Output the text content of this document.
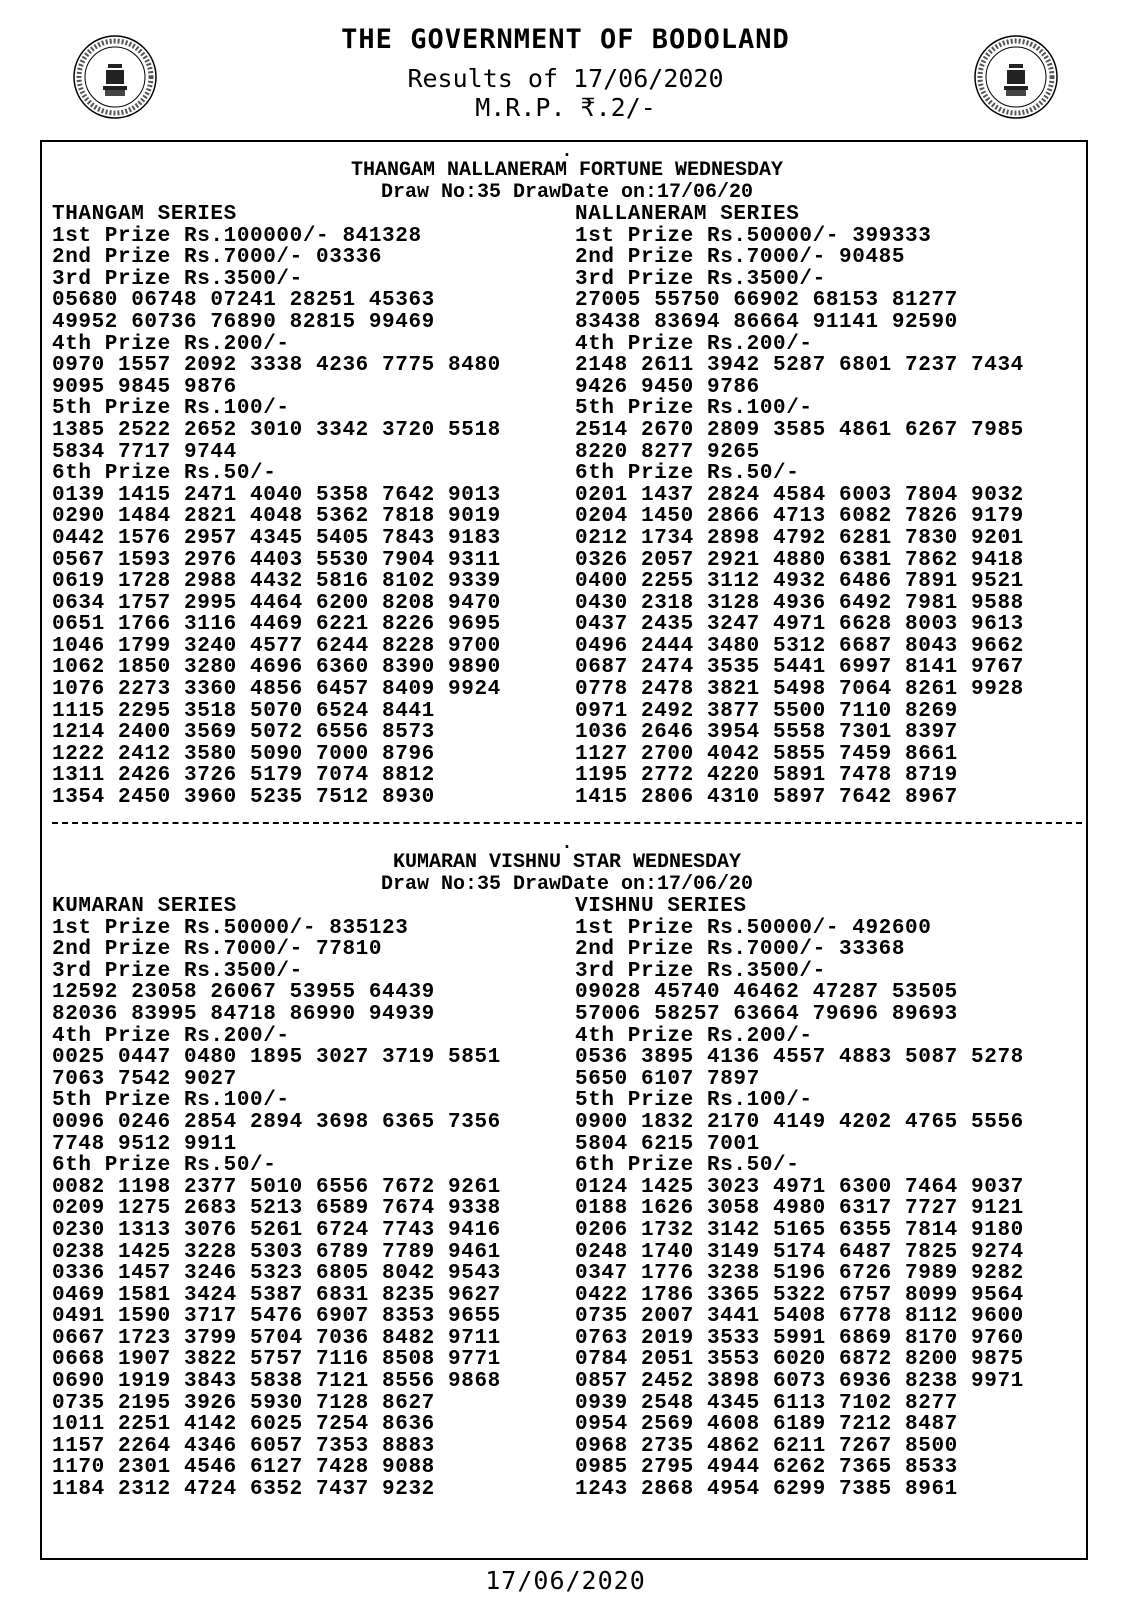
THE GOVERNMENT OF BODOLAND
Results of 17/06/2020
M.R.P. ₹.2/-
.
THANGAM NALLANERAM FORTUNE WEDNESDAY
Draw No:35 DrawDate on:17/06/20
THANGAM SERIES
1st Prize Rs.100000/- 841328
2nd Prize Rs.7000/- 03336
3rd Prize Rs.3500/-
05680 06748 07241 28251 45363
49952 60736 76890 82815 99469
4th Prize Rs.200/-
0970 1557 2092 3338 4236 7775 8480
9095 9845 9876
5th Prize Rs.100/-
1385 2522 2652 3010 3342 3720 5518
5834 7717 9744
6th Prize Rs.50/-
0139 1415 2471 4040 5358 7642 9013
0290 1484 2821 4048 5362 7818 9019
0442 1576 2957 4345 5405 7843 9183
0567 1593 2976 4403 5530 7904 9311
0619 1728 2988 4432 5816 8102 9339
0634 1757 2995 4464 6200 8208 9470
0651 1766 3116 4469 6221 8226 9695
1046 1799 3240 4577 6244 8228 9700
1062 1850 3280 4696 6360 8390 9890
1076 2273 3360 4856 6457 8409 9924
1115 2295 3518 5070 6524 8441
1214 2400 3569 5072 6556 8573
1222 2412 3580 5090 7000 8796
1311 2426 3726 5179 7074 8812
1354 2450 3960 5235 7512 8930
NALLANERAM SERIES
1st Prize Rs.50000/- 399333
2nd Prize Rs.7000/- 90485
3rd Prize Rs.3500/-
27005 55750 66902 68153 81277
83438 83694 86664 91141 92590
4th Prize Rs.200/-
2148 2611 3942 5287 6801 7237 7434
9426 9450 9786
5th Prize Rs.100/-
2514 2670 2809 3585 4861 6267 7985
8220 8277 9265
6th Prize Rs.50/-
0201 1437 2824 4584 6003 7804 9032
0204 1450 2866 4713 6082 7826 9179
0212 1734 2898 4792 6281 7830 9201
0326 2057 2921 4880 6381 7862 9418
0400 2255 3112 4932 6486 7891 9521
0430 2318 3128 4936 6492 7981 9588
0437 2435 3247 4971 6628 8003 9613
0496 2444 3480 5312 6687 8043 9662
0687 2474 3535 5441 6997 8141 9767
0778 2478 3821 5498 7064 8261 9928
0971 2492 3877 5500 7110 8269
1036 2646 3954 5558 7301 8397
1127 2700 4042 5855 7459 8661
1195 2772 4220 5891 7478 8719
1415 2806 4310 5897 7642 8967
.
KUMARAN VISHNU STAR WEDNESDAY
Draw No:35 DrawDate on:17/06/20
KUMARAN SERIES
1st Prize Rs.50000/- 835123
2nd Prize Rs.7000/- 77810
3rd Prize Rs.3500/-
12592 23058 26067 53955 64439
82036 83995 84718 86990 94939
4th Prize Rs.200/-
0025 0447 0480 1895 3027 3719 5851
7063 7542 9027
5th Prize Rs.100/-
0096 0246 2854 2894 3698 6365 7356
7748 9512 9911
6th Prize Rs.50/-
0082 1198 2377 5010 6556 7672 9261
0209 1275 2683 5213 6589 7674 9338
0230 1313 3076 5261 6724 7743 9416
0238 1425 3228 5303 6789 7789 9461
0336 1457 3246 5323 6805 8042 9543
0469 1581 3424 5387 6831 8235 9627
0491 1590 3717 5476 6907 8353 9655
0667 1723 3799 5704 7036 8482 9711
0668 1907 3822 5757 7116 8508 9771
0690 1919 3843 5838 7121 8556 9868
0735 2195 3926 5930 7128 8627
1011 2251 4142 6025 7254 8636
1157 2264 4346 6057 7353 8883
1170 2301 4546 6127 7428 9088
1184 2312 4724 6352 7437 9232
VISHNU SERIES
1st Prize Rs.50000/- 492600
2nd Prize Rs.7000/- 33368
3rd Prize Rs.3500/-
09028 45740 46462 47287 53505
57006 58257 63664 79696 89693
4th Prize Rs.200/-
0536 3895 4136 4557 4883 5087 5278
5650 6107 7897
5th Prize Rs.100/-
0900 1832 2170 4149 4202 4765 5556
5804 6215 7001
6th Prize Rs.50/-
0124 1425 3023 4971 6300 7464 9037
0188 1626 3058 4980 6317 7727 9121
0206 1732 3142 5165 6355 7814 9180
0248 1740 3149 5174 6487 7825 9274
0347 1776 3238 5196 6726 7989 9282
0422 1786 3365 5322 6757 8099 9564
0735 2007 3441 5408 6778 8112 9600
0763 2019 3533 5991 6869 8170 9760
0784 2051 3553 6020 6872 8200 9875
0857 2452 3898 6073 6936 8238 9971
0939 2548 4345 6113 7102 8277
0954 2569 4608 6189 7212 8487
0968 2735 4862 6211 7267 8500
0985 2795 4944 6262 7365 8533
1243 2868 4954 6299 7385 8961
17/06/2020
